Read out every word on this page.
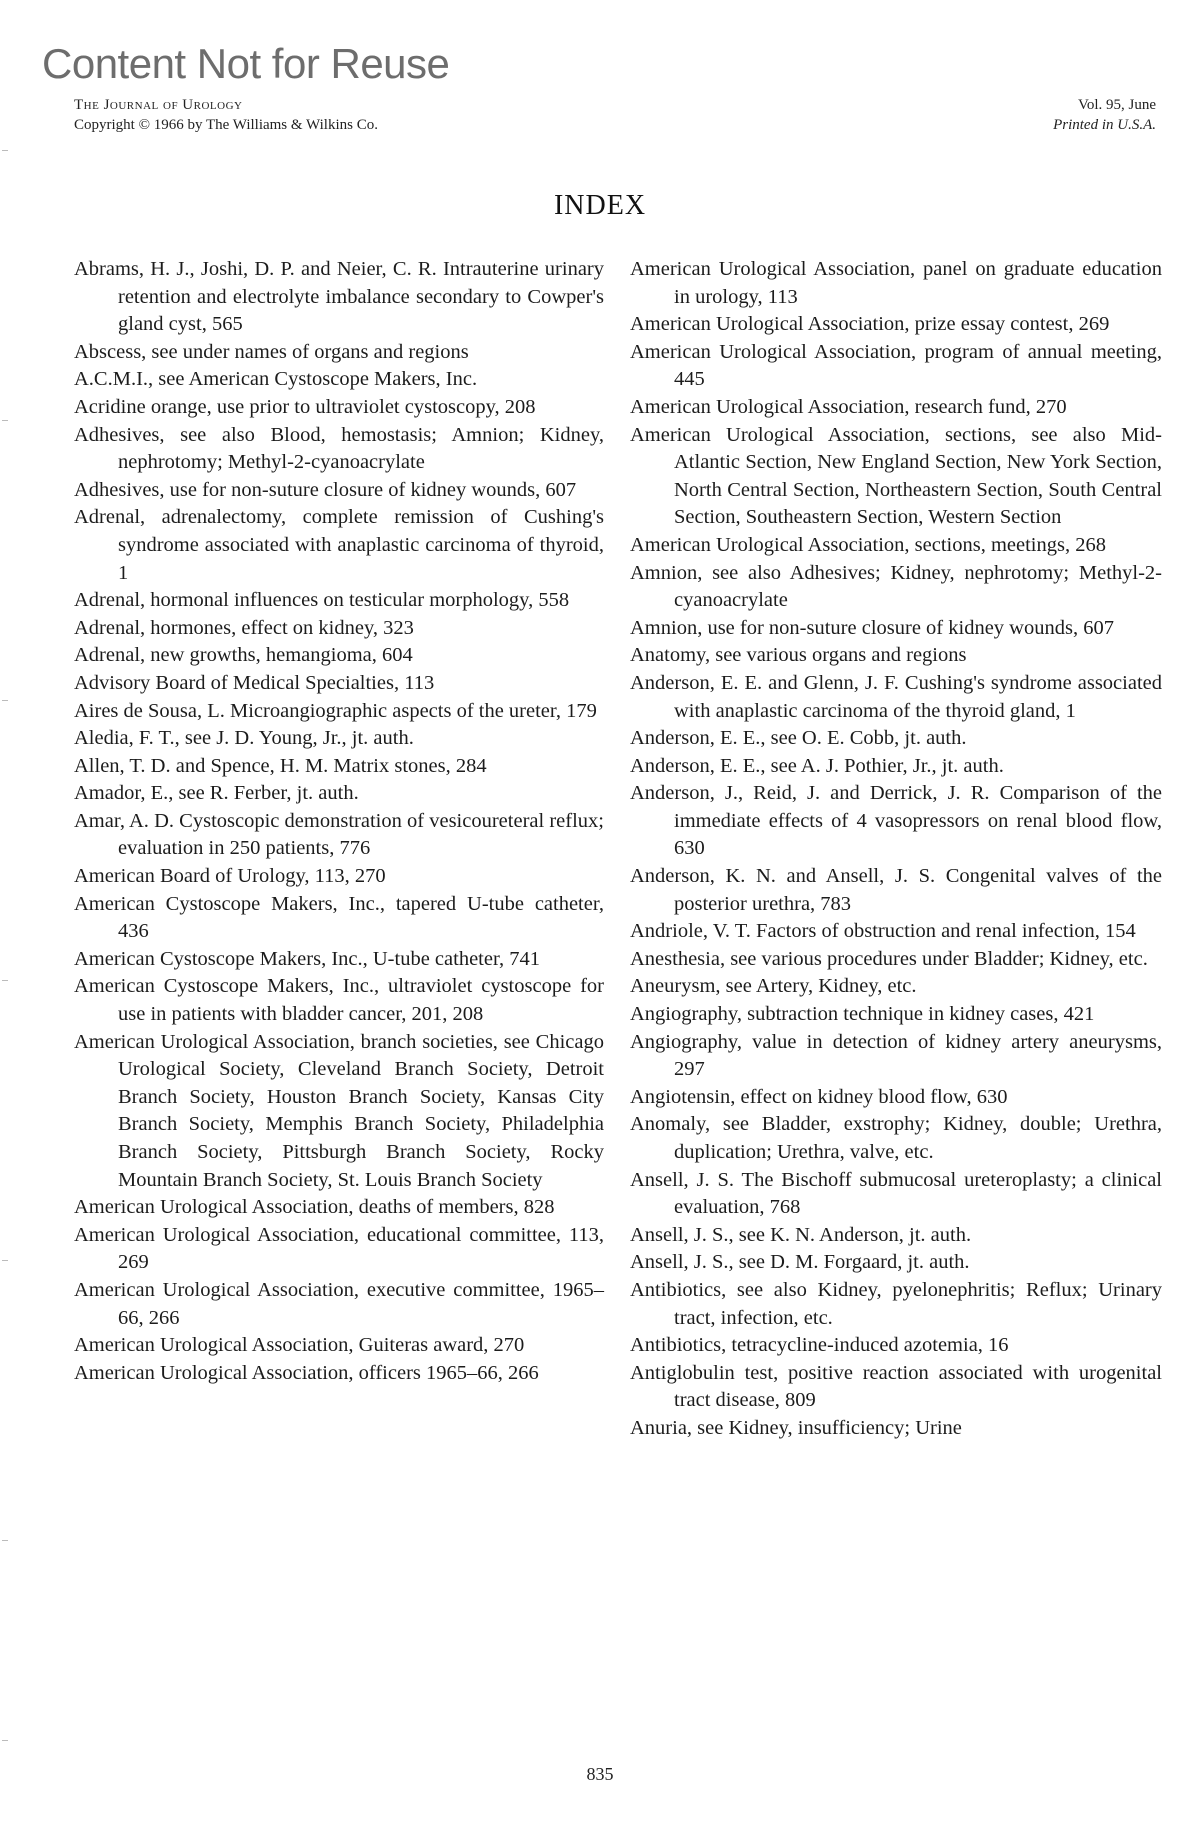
Content Not for Reuse
The Journal of Urology
Copyright © 1966 by The Williams & Wilkins Co.
Vol. 95, June
Printed in U.S.A.
INDEX

Abrams, H. J., Joshi, D. P. and Neier, C. R. Intrauterine urinary retention and electrolyte imbalance secondary to Cowper's gland cyst, 565

Abscess, see under names of organs and regions

A.C.M.I., see American Cystoscope Makers, Inc.

Acridine orange, use prior to ultraviolet cystoscopy, 208

Adhesives, see also Blood, hemostasis; Amnion; Kidney, nephrotomy; Methyl-2-cyanoacrylate

Adhesives, use for non-suture closure of kidney wounds, 607

Adrenal, adrenalectomy, complete remission of Cushing's syndrome associated with anaplastic carcinoma of thyroid, 1

Adrenal, hormonal influences on testicular morphology, 558

Adrenal, hormones, effect on kidney, 323

Adrenal, new growths, hemangioma, 604

Advisory Board of Medical Specialties, 113

Aires de Sousa, L. Microangiographic aspects of the ureter, 179

Aledia, F. T., see J. D. Young, Jr., jt. auth.

Allen, T. D. and Spence, H. M. Matrix stones, 284

Amador, E., see R. Ferber, jt. auth.

Amar, A. D. Cystoscopic demonstration of vesicoureteral reflux; evaluation in 250 patients, 776

American Board of Urology, 113, 270

American Cystoscope Makers, Inc., tapered U-tube catheter, 436

American Cystoscope Makers, Inc., U-tube catheter, 741

American Cystoscope Makers, Inc., ultraviolet cystoscope for use in patients with bladder cancer, 201, 208

American Urological Association, branch societies, see Chicago Urological Society, Cleveland Branch Society, Detroit Branch Society, Houston Branch Society, Kansas City Branch Society, Memphis Branch Society, Philadelphia Branch Society, Pittsburgh Branch Society, Rocky Mountain Branch Society, St. Louis Branch Society

American Urological Association, deaths of members, 828

American Urological Association, educational committee, 113, 269

American Urological Association, executive committee, 1965–66, 266

American Urological Association, Guiteras award, 270

American Urological Association, officers 1965–66, 266

American Urological Association, panel on graduate education in urology, 113

American Urological Association, prize essay contest, 269

American Urological Association, program of annual meeting, 445

American Urological Association, research fund, 270

American Urological Association, sections, see also Mid-Atlantic Section, New England Section, New York Section, North Central Section, Northeastern Section, South Central Section, Southeastern Section, Western Section

American Urological Association, sections, meetings, 268

Amnion, see also Adhesives; Kidney, nephrotomy; Methyl-2-cyanoacrylate

Amnion, use for non-suture closure of kidney wounds, 607

Anatomy, see various organs and regions

Anderson, E. E. and Glenn, J. F. Cushing's syndrome associated with anaplastic carcinoma of the thyroid gland, 1

Anderson, E. E., see O. E. Cobb, jt. auth.

Anderson, E. E., see A. J. Pothier, Jr., jt. auth.

Anderson, J., Reid, J. and Derrick, J. R. Comparison of the immediate effects of 4 vasopressors on renal blood flow, 630

Anderson, K. N. and Ansell, J. S. Congenital valves of the posterior urethra, 783

Andriole, V. T. Factors of obstruction and renal infection, 154

Anesthesia, see various procedures under Bladder; Kidney, etc.

Aneurysm, see Artery, Kidney, etc.

Angiography, subtraction technique in kidney cases, 421

Angiography, value in detection of kidney artery aneurysms, 297

Angiotensin, effect on kidney blood flow, 630

Anomaly, see Bladder, exstrophy; Kidney, double; Urethra, duplication; Urethra, valve, etc.

Ansell, J. S. The Bischoff submucosal ureteroplasty; a clinical evaluation, 768

Ansell, J. S., see K. N. Anderson, jt. auth.

Ansell, J. S., see D. M. Forgaard, jt. auth.

Antibiotics, see also Kidney, pyelonephritis; Reflux; Urinary tract, infection, etc.

Antibiotics, tetracycline-induced azotemia, 16

Antiglobulin test, positive reaction associated with urogenital tract disease, 809

Anuria, see Kidney, insufficiency; Urine

835
